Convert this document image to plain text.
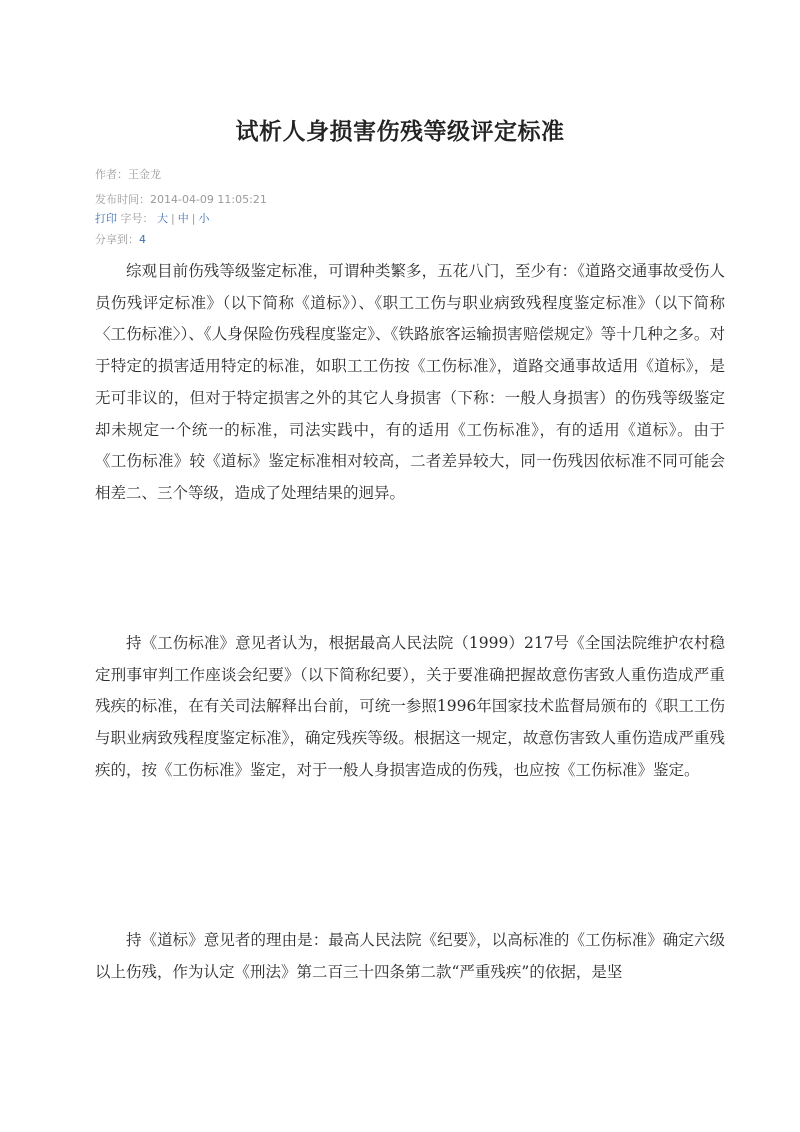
试析人身损害伤残等级评定标准
作者：王金龙
发布时间：2014-04-09 11:05:21
打印 字号： 大 | 中 | 小
分享到：4

综观目前伤残等级鉴定标准，可谓种类繁多，五花八门，至少有：《道路交通事故受伤人员伤残评定标准》（以下简称《道标》）、《职工工伤与职业病致残程度鉴定标准》（以下简称〈工伤标准〉）、《人身保险伤残程度鉴定》、《铁路旅客运输损害赔偿规定》等十几种之多。对于特定的损害适用特定的标准，如职工工伤按《工伤标准》，道路交通事故适用《道标》，是无可非议的，但对于特定损害之外的其它人身损害（下称：一般人身损害）的伤残等级鉴定却未规定一个统一的标准，司法实践中，有的适用《工伤标准》，有的适用《道标》。由于《工伤标准》较《道标》鉴定标准相对较高，二者差异较大，同一伤残因依标准不同可能会相差二、三个等级，造成了处理结果的迥异。

持《工伤标准》意见者认为，根据最高人民法院（1999）217号《全国法院维护农村稳定刑事审判工作座谈会纪要》（以下简称纪要），关于要准确把握故意伤害致人重伤造成严重残疾的标准，在有关司法解释出台前，可统一参照1996年国家技术监督局颁布的《职工工伤与职业病致残程度鉴定标准》，确定残疾等级。根据这一规定，故意伤害致人重伤造成严重残疾的，按《工伤标准》鉴定，对于一般人身损害造成的伤残，也应按《工伤标准》鉴定。

持《道标》意见者的理由是：最高人民法院《纪要》，以高标准的《工伤标准》确定六级以上伤残，作为认定《刑法》第二百三十四条第二款“严重残疾”的依据，是坚
